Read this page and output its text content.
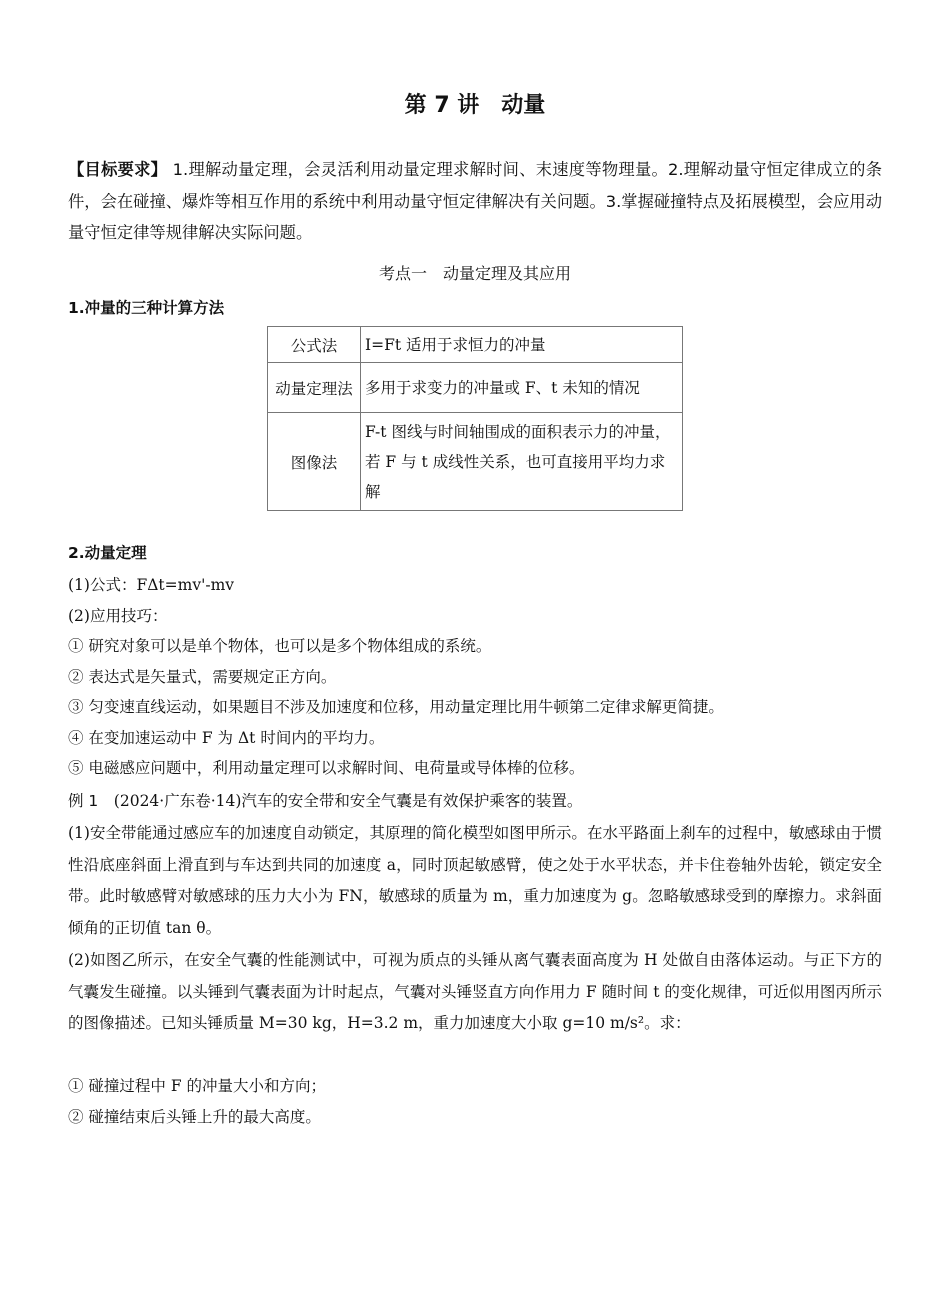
第 7 讲　动量
【目标要求】 1.理解动量定理，会灵活利用动量定理求解时间、末速度等物理量。2.理解动量守恒定律成立的条件，会在碰撞、爆炸等相互作用的系统中利用动量守恒定律解决有关问题。3.掌握碰撞特点及拓展模型，会应用动量守恒定律等规律解决实际问题。
考点一　动量定理及其应用
1.冲量的三种计算方法
公式法	I=Ft 适用于求恒力的冲量
动量定理法	多用于求变力的冲量或 F、t 未知的情况
图像法	F-t 图线与时间轴围成的面积表示力的冲量，若 F 与 t 成线性关系，也可直接用平均力求解
2.动量定理
(1)公式：FΔt=mv'-mv
(2)应用技巧：
① 研究对象可以是单个物体，也可以是多个物体组成的系统。
② 表达式是矢量式，需要规定正方向。
③ 匀变速直线运动，如果题目不涉及加速度和位移，用动量定理比用牛顿第二定律求解更简捷。
④ 在变加速运动中 F 为 Δt 时间内的平均力。
⑤ 电磁感应问题中，利用动量定理可以求解时间、电荷量或导体棒的位移。
例 1　(2024·广东卷·14)汽车的安全带和安全气囊是有效保护乘客的装置。
(1)安全带能通过感应车的加速度自动锁定，其原理的简化模型如图甲所示。在水平路面上刹车的过程中，敏感球由于惯性沿底座斜面上滑直到与车达到共同的加速度 a，同时顶起敏感臂，使之处于水平状态，并卡住卷轴外齿轮，锁定安全带。此时敏感臂对敏感球的压力大小为 FN，敏感球的质量为 m，重力加速度为 g。忽略敏感球受到的摩擦力。求斜面倾角的正切值 tan θ。
(2)如图乙所示，在安全气囊的性能测试中，可视为质点的头锤从离气囊表面高度为 H 处做自由落体运动。与正下方的气囊发生碰撞。以头锤到气囊表面为计时起点，气囊对头锤竖直方向作用力 F 随时间 t 的变化规律，可近似用图丙所示的图像描述。已知头锤质量 M=30 kg，H=3.2 m，重力加速度大小取 g=10 m/s²。求：
① 碰撞过程中 F 的冲量大小和方向；
② 碰撞结束后头锤上升的最大高度。
